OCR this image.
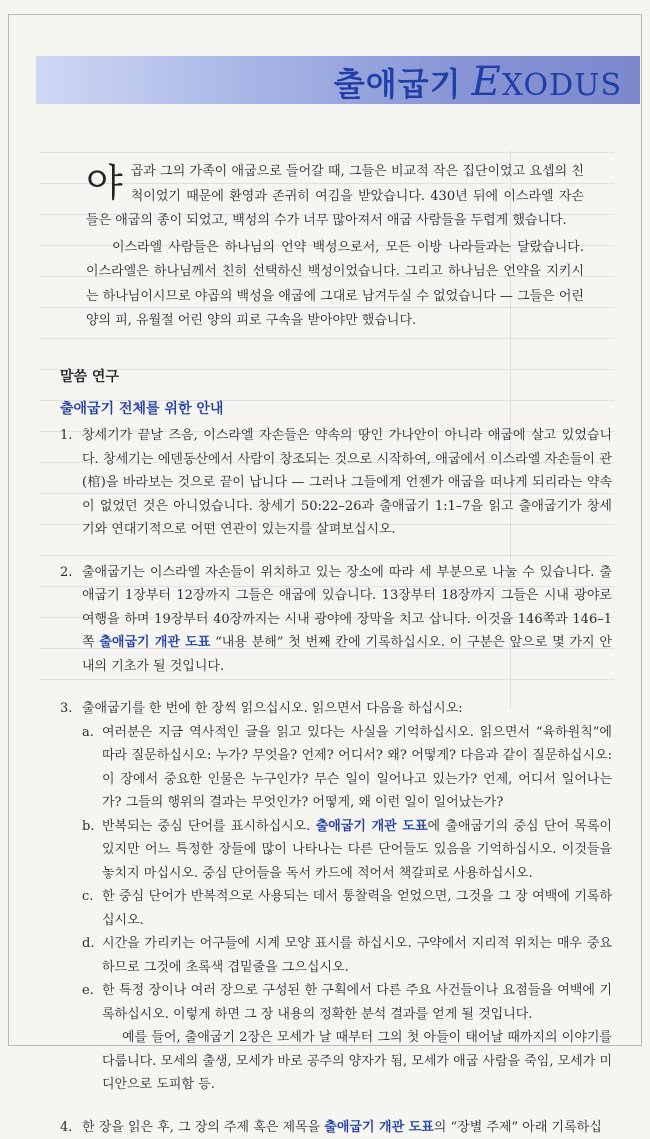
출애굽기 EXODUS

야곱과 그의 가족이 애굽으로 들어갈 때, 그들은 비교적 작은 집단이었고 요셉의 친척이었기 때문에 환영과 존귀히 여김을 받았습니다. 430년 뒤에 이스라엘 자손들은 애굽의 종이 되었고, 백성의 수가 너무 많아져서 애굽 사람들을 두렵게 했습니다.

이스라엘 사람들은 하나님의 언약 백성으로서, 모든 이방 나라들과는 달랐습니다. 이스라엘은 하나님께서 친히 선택하신 백성이었습니다. 그리고 하나님은 언약을 지키시는 하나님이시므로 야곱의 백성을 애굽에 그대로 남겨두실 수 없었습니다 — 그들은 어린 양의 피, 유월절 어린 양의 피로 구속을 받아야만 했습니다.

말씀 연구
출애굽기 전체를 위한 안내
1. 창세기가 끝날 즈음, 이스라엘 자손들은 약속의 땅인 가나안이 아니라 애굽에 살고 있었습니다. 창세기는 에덴동산에서 사람이 창조되는 것으로 시작하여, 애굽에서 이스라엘 자손들이 관(棺)을 바라보는 것으로 끝이 납니다 — 그러나 그들에게 언젠가 애굽을 떠나게 되리라는 약속이 없었던 것은 아니었습니다. 창세기 50:22–26과 출애굽기 1:1–7을 읽고 출애굽기가 창세기와 연대기적으로 어떤 연관이 있는지를 살펴보십시오.
2. 출애굽기는 이스라엘 자손들이 위치하고 있는 장소에 따라 세 부분으로 나눌 수 있습니다. 출애굽기 1장부터 12장까지 그들은 애굽에 있습니다. 13장부터 18장까지 그들은 시내 광야로 여행을 하며 19장부터 40장까지는 시내 광야에 장막을 치고 삽니다. 이것을 146쪽과 146–1쪽 출애굽기 개관 도표 “내용 분해” 첫 번째 칸에 기록하십시오. 이 구분은 앞으로 몇 가지 안내의 기초가 될 것입니다.
3. 출애굽기를 한 번에 한 장씩 읽으십시오. 읽으면서 다음을 하십시오:
a. 여러분은 지금 역사적인 글을 읽고 있다는 사실을 기억하십시오. 읽으면서 “육하원칙”에 따라 질문하십시오: 누가? 무엇을? 언제? 어디서? 왜? 어떻게? 다음과 같이 질문하십시오: 이 장에서 중요한 인물은 누구인가? 무슨 일이 일어나고 있는가? 언제, 어디서 일어나는가? 그들의 행위의 결과는 무엇인가? 어떻게, 왜 이런 일이 일어났는가?
b. 반복되는 중심 단어를 표시하십시오. 출애굽기 개관 도표에 출애굽기의 중심 단어 목록이 있지만 어느 특정한 장들에 많이 나타나는 다른 단어들도 있음을 기억하십시오. 이것들을 놓치지 마십시오. 중심 단어들을 독서 카드에 적어서 책갈피로 사용하십시오.
c. 한 중심 단어가 반복적으로 사용되는 데서 통찰력을 얻었으면, 그것을 그 장 여백에 기록하십시오.
d. 시간을 가리키는 어구들에 시계 모양 표시를 하십시오. 구약에서 지리적 위치는 매우 중요하므로 그것에 초록색 겹밑줄을 그으십시오.
e. 한 특정 장이나 여러 장으로 구성된 한 구획에서 다른 주요 사건들이나 요점들을 여백에 기록하십시오. 이렇게 하면 그 장 내용의 정확한 분석 결과를 얻게 될 것입니다.
예를 들어, 출애굽기 2장은 모세가 날 때부터 그의 첫 아들이 태어날 때까지의 이야기를 다룹니다. 모세의 출생, 모세가 바로 공주의 양자가 됨, 모세가 애굽 사람을 죽임, 모세가 미디안으로 도피함 등.
4. 한 장을 읽은 후, 그 장의 주제 혹은 제목을 출애굽기 개관 도표의 “장별 주제” 아래 기록하십
